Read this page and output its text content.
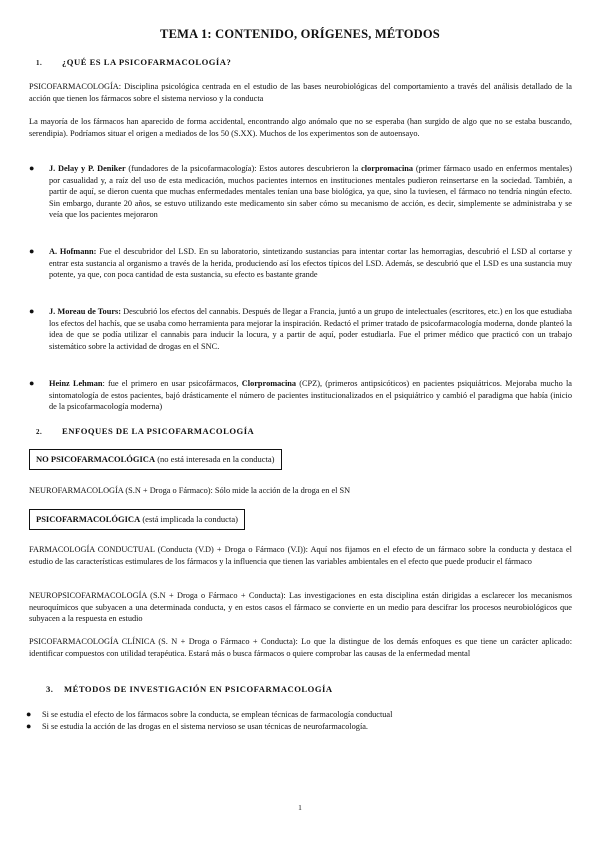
TEMA 1: CONTENIDO, ORÍGENES, MÉTODOS
1. ¿QUÉ ES LA PSICOFARMACOLOGÍA?
PSICOFARMACOLOGÍA: Disciplina psicológica centrada en el estudio de las bases neurobiológicas del comportamiento a través del análisis detallado de la acción que tienen los fármacos sobre el sistema nervioso y la conducta
La mayoría de los fármacos han aparecido de forma accidental, encontrando algo anómalo que no se esperaba (han surgido de algo que no se estaba buscando, serendipia). Podríamos situar el origen a mediados de los 50 (S.XX). Muchos de los experimentos son de autoensayo.
●	J. Delay y P. Deniker (fundadores de la psicofarmacología): Estos autores descubrieron la clorpromacina (primer fármaco usado en enfermos mentales) por casualidad y, a raíz del uso de esta medicación, muchos pacientes internos en instituciones mentales pudieron reinsertarse en la sociedad. También, a partir de aquí, se dieron cuenta que muchas enfermedades mentales tenían una base biológica, ya que, sino la tuviesen, el fármaco no tendría ningún efecto. Sin embargo, durante 20 años, se estuvo utilizando este medicamento sin saber cómo su mecanismo de acción, es decir, simplemente se administraba y se veía que los pacientes mejoraron
●	A. Hofmann: Fue el descubridor del LSD. En su laboratorio, sintetizando sustancias para intentar cortar las hemorragias, descubrió el LSD al cortarse y entrar esta sustancia al organismo a través de la herida, produciendo así los efectos típicos del LSD. Además, se descubrió que el LSD es una sustancia muy potente, ya que, con poca cantidad de esta sustancia, su efecto es bastante grande
●	J. Moreau de Tours: Descubrió los efectos del cannabis. Después de llegar a Francia, juntó a un grupo de intelectuales (escritores, etc.) en los que estudiaba los efectos del hachís, que se usaba como herramienta para mejorar la inspiración. Redactó el primer tratado de psicofarmacología moderna, donde planteó la idea de que se podía utilizar el cannabis para inducir la locura, y a partir de aquí, poder estudiarla. Fue el primer médico que practicó con un trabajo sistemático sobre la actividad de drogas en el SNC.
●	Heinz Lehman: fue el primero en usar psicofármacos, Clorpromacina (CPZ), (primeros antipsicóticos) en pacientes psiquiátricos. Mejoraba mucho la sintomatología de estos pacientes, bajó drásticamente el número de pacientes institucionalizados en el psiquiátrico y cambió el paradigma que había (inicio de la psicofarmacología moderna)
2. ENFOQUES DE LA PSICOFARMACOLOGÍA
NO PSICOFARMACOLÓGICA (no está interesada en la conducta)
NEUROFARMACOLOGÍA (S.N + Droga o Fármaco): Sólo mide la acción de la droga en el SN
PSICOFARMACOLÓGICA (está implicada la conducta)
FARMACOLOGÍA CONDUCTUAL (Conducta (V.D) + Droga o Fármaco (V.I)): Aquí nos fijamos en el efecto de un fármaco sobre la conducta y destaca el estudio de las características estimulares de los fármacos y la influencia que tienen las variables ambientales en el efecto que puede producir el fármaco
NEUROPSICOFARMACOLOGÍA (S.N + Droga o Fármaco + Conducta): Las investigaciones en esta disciplina están dirigidas a esclarecer los mecanismos neuroquímicos que subyacen a una determinada conducta, y en estos casos el fármaco se convierte en un medio para descifrar los procesos neurobiológicos que subyacen a la respuesta en estudio
PSICOFARMACOLOGÍA CLÍNICA (S. N + Droga o Fármaco + Conducta): Lo que la distingue de los demás enfoques es que tiene un carácter aplicado: identificar compuestos con utilidad terapéutica. Estará más o busca fármacos o quiere comprobar las causas de la enfermedad mental
3. MÉTODOS DE INVESTIGACIÓN EN PSICOFARMACOLOGÍA
●	Si se estudia el efecto de los fármacos sobre la conducta, se emplean técnicas de farmacología conductual
●	Si se estudia la acción de las drogas en el sistema nervioso se usan técnicas de neurofarmacología.
1
